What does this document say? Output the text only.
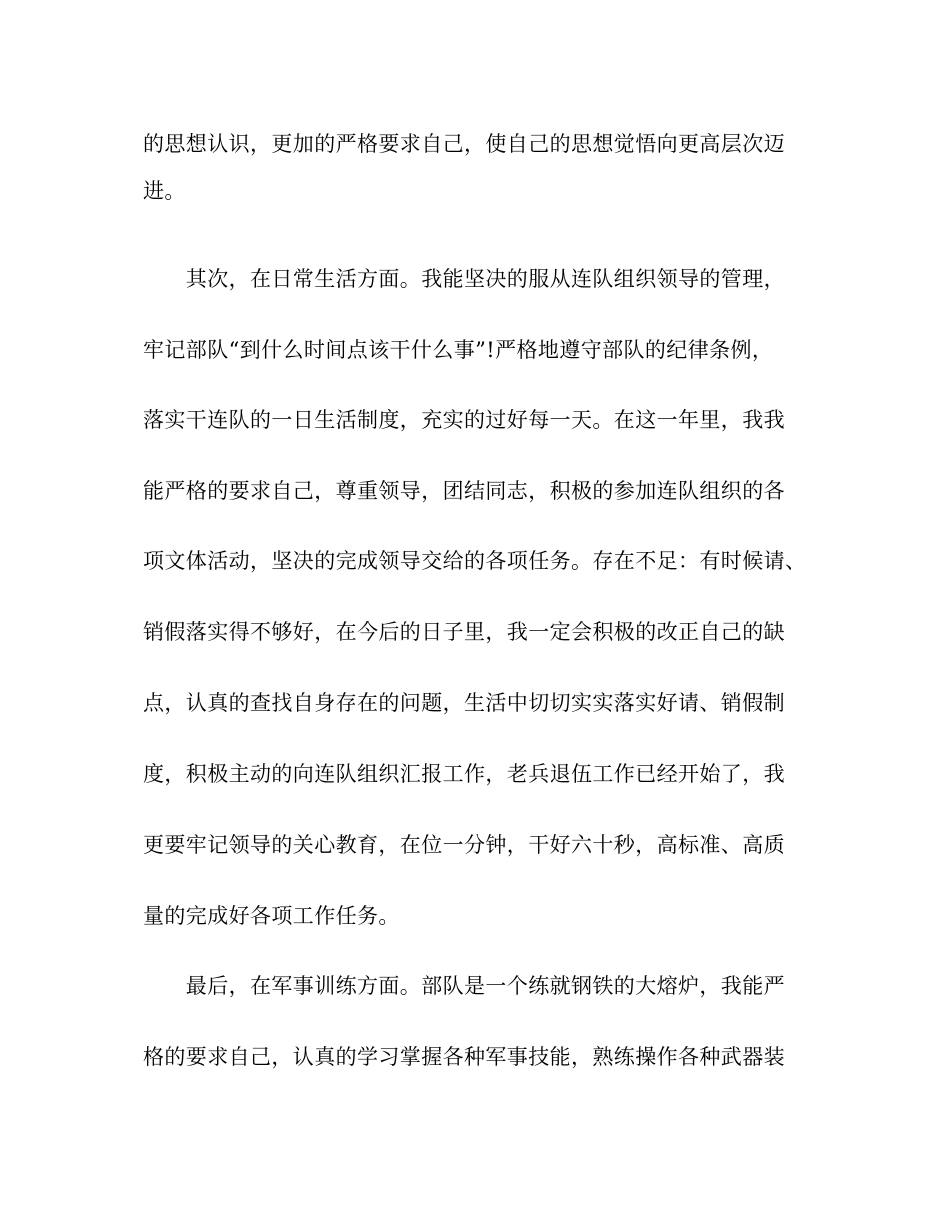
的思想认识，更加的严格要求自己，使自己的思想觉悟向更高层次迈
进。
　　其次，在日常生活方面。我能坚决的服从连队组织领导的管理，
牢记部队“到什么时间点该干什么事”!严格地遵守部队的纪律条例，
落实干连队的一日生活制度，充实的过好每一天。在这一年里，我我
能严格的要求自己，尊重领导，团结同志，积极的参加连队组织的各
项文体活动，坚决的完成领导交给的各项任务。存在不足：有时候请、
销假落实得不够好，在今后的日子里，我一定会积极的改正自己的缺
点，认真的查找自身存在的问题，生活中切切实实落实好请、销假制
度，积极主动的向连队组织汇报工作，老兵退伍工作已经开始了，我
更要牢记领导的关心教育，在位一分钟，干好六十秒，高标准、高质
量的完成好各项工作任务。
　　最后，在军事训练方面。部队是一个练就钢铁的大熔炉，我能严
格的要求自己，认真的学习掌握各种军事技能，熟练操作各种武器装
